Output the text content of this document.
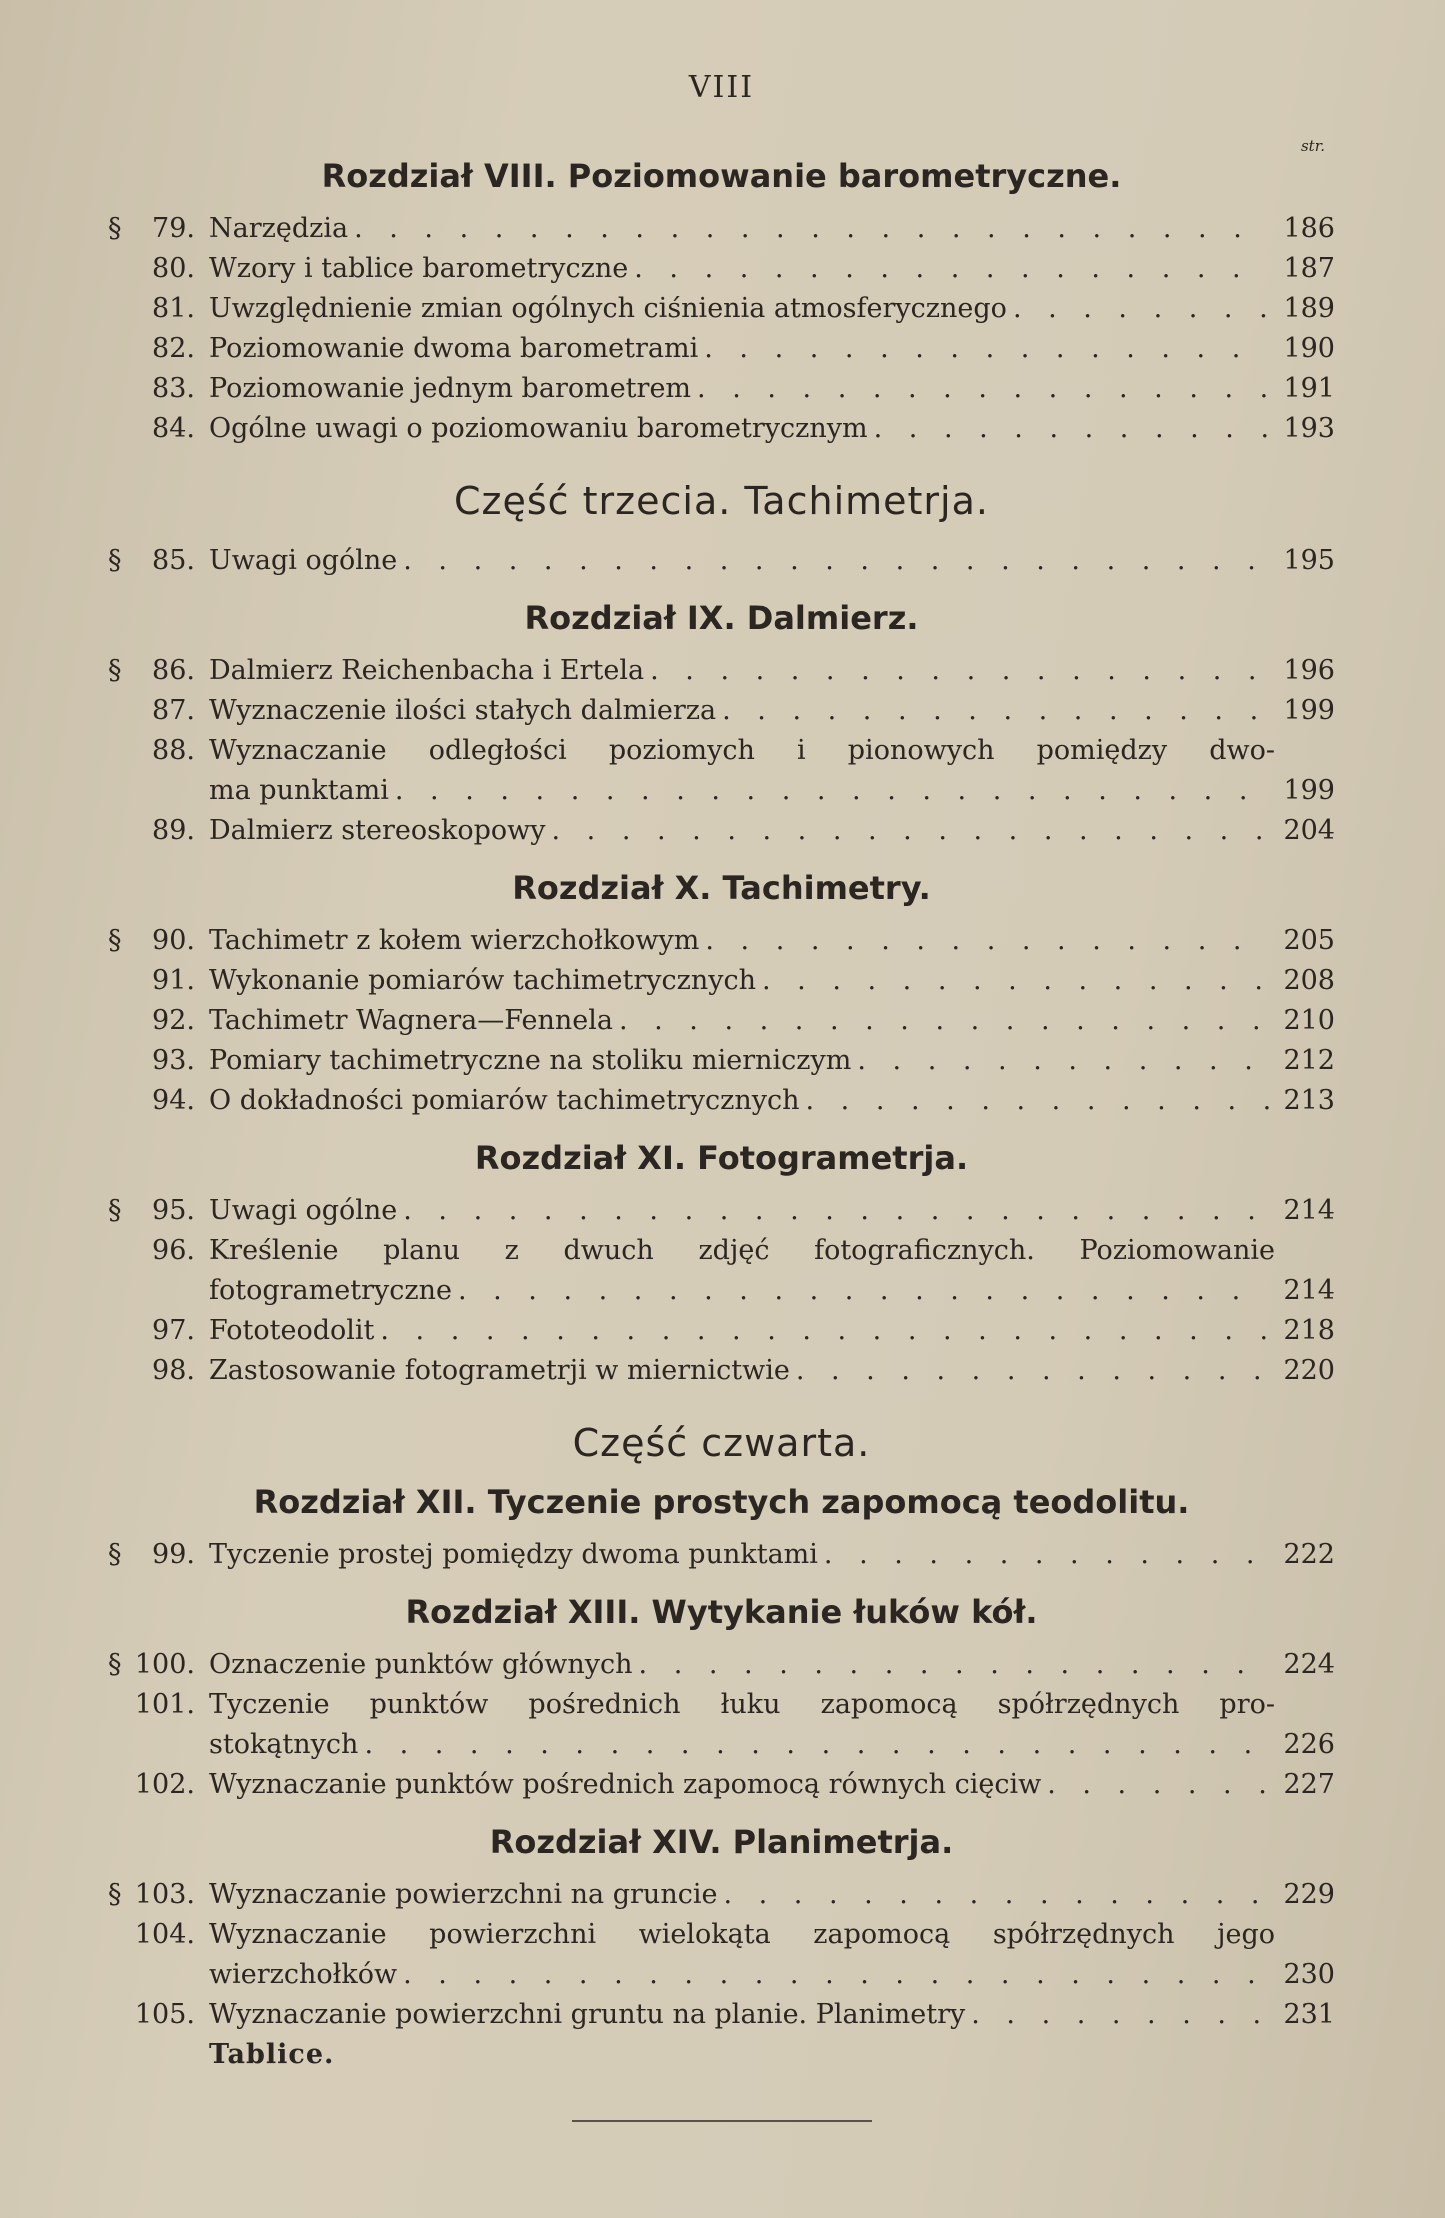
VIII
Rozdział VIII. Poziomowanie barometryczne.
str.
§	79. Narzędzia . . .	186
80. Wzory i tablice barometryczne . . .	187
81. Uwzględnienie zmian ogólnych ciśnienia atmosferycznego . . .	189
82. Poziomowanie dwoma barometrami . . .	190
83. Poziomowanie jednym barometrem . . .	191
84. Ogólne uwagi o poziomowaniu barometrycznym . . .	193
Część trzecia. Tachimetrja.
§	85. Uwagi ogólne . . .	195
Rozdział IX. Dalmierz.
§	86. Dalmierz Reichenbacha i Ertela . . .	196
87. Wyznaczenie ilości stałych dalmierza . . .	199
88. Wyznaczanie odległości poziomych i pionowych pomiędzy dwo-
ma punktami . . .	199
89. Dalmierz stereoskopowy . . .	204
Rozdział X. Tachimetry.
§	90. Tachimetr z kołem wierzchołkowym . . .	205
91. Wykonanie pomiarów tachimetrycznych . . .	208
92. Tachimetr Wagnera—Fennela . . .	210
93. Pomiary tachimetryczne na stoliku mierniczym . . .	212
94. O dokładności pomiarów tachimetrycznych . . .	213
Rozdział XI. Fotogrametrja.
§	95. Uwagi ogólne . . .	214
96. Kreślenie planu z dwuch zdjęć fotograficznych. Poziomowanie
fotogrametryczne . . .	214
97. Fototeodolit . . .	218
98. Zastosowanie fotogrametrji w miernictwie . . .	220
Część czwarta.
Rozdział XII. Tyczenie prostych zapomocą teodolitu.
§	99. Tyczenie prostej pomiędzy dwoma punktami . . .	222
Rozdział XIII. Wytykanie łuków kół.
§ 100. Oznaczenie punktów głównych . . .	224
101. Tyczenie punktów pośrednich łuku zapomocą spółrzędnych pro-
stokątnych . . .	226
102. Wyznaczanie punktów pośrednich zapomocą równych cięciw . . .	227
Rozdział XIV. Planimetrja.
§ 103. Wyznaczanie powierzchni na gruncie . . .	229
104. Wyznaczanie powierzchni wielokąta zapomocą spółrzędnych jego
wierzchołków . . .	230
105. Wyznaczanie powierzchni gruntu na planie. Planimetry . . .	231
Tablice.
